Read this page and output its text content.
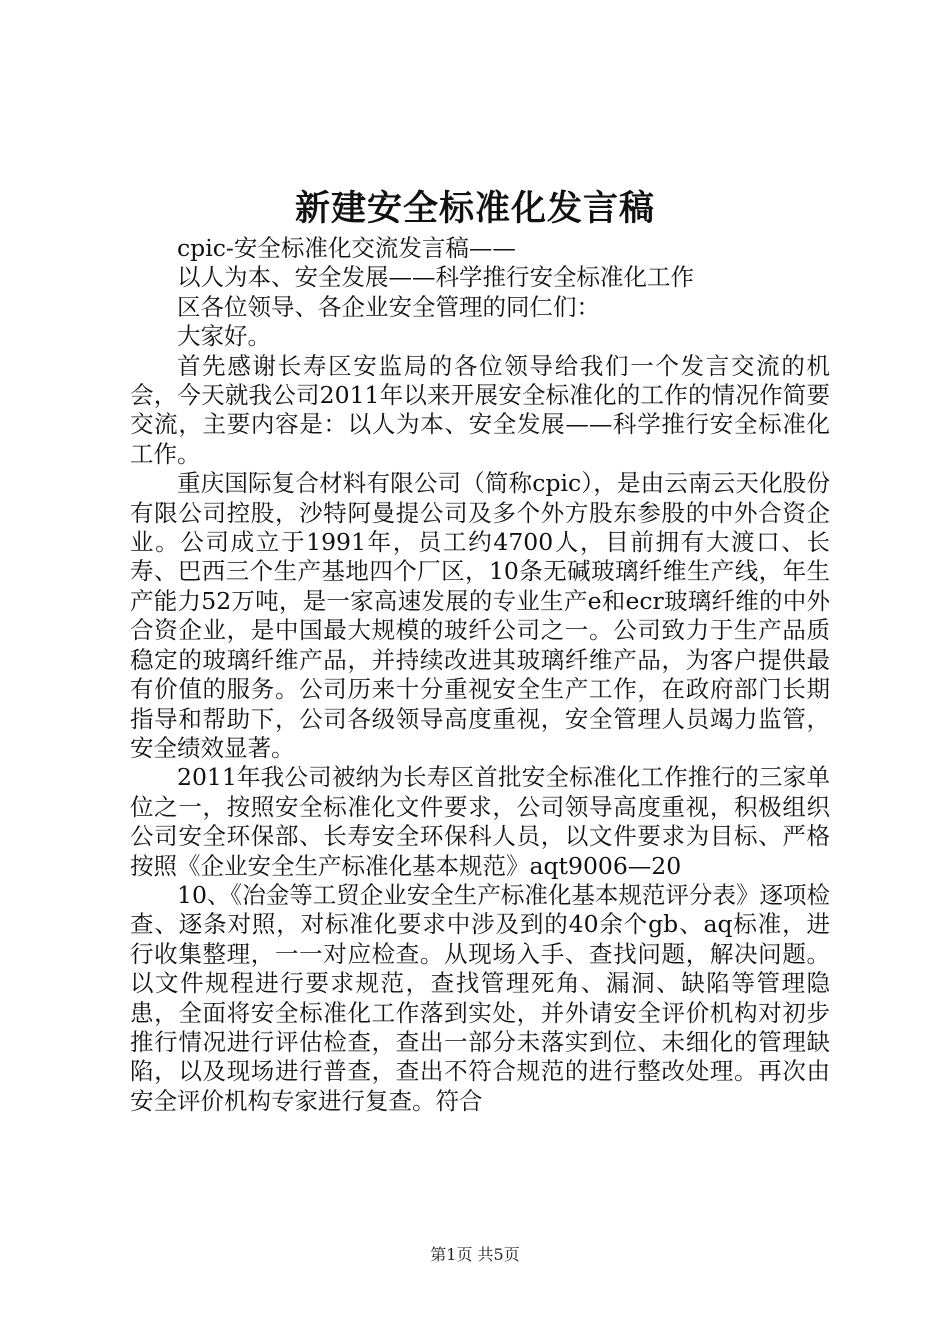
新建安全标准化发言稿

cpic-安全标准化交流发言稿——

以人为本、安全发展——科学推行安全标准化工作

区各位领导、各企业安全管理的同仁们：

大家好。

首先感谢长寿区安监局的各位领导给我们一个发言交流的机会，今天就我公司2011年以来开展安全标准化的工作的情况作简要交流，主要内容是：以人为本、安全发展——科学推行安全标准化工作。

重庆国际复合材料有限公司（简称cpic），是由云南云天化股份有限公司控股，沙特阿曼提公司及多个外方股东参股的中外合资企业。公司成立于1991年，员工约4700人，目前拥有大渡口、长寿、巴西三个生产基地四个厂区，10条无碱玻璃纤维生产线，年生产能力52万吨，是一家高速发展的专业生产e和ecr玻璃纤维的中外合资企业，是中国最大规模的玻纤公司之一。公司致力于生产品质稳定的玻璃纤维产品，并持续改进其玻璃纤维产品，为客户提供最有价值的服务。公司历来十分重视安全生产工作，在政府部门长期指导和帮助下，公司各级领导高度重视，安全管理人员竭力监管，安全绩效显著。

2011年我公司被纳为长寿区首批安全标准化工作推行的三家单位之一，按照安全标准化文件要求，公司领导高度重视，积极组织公司安全环保部、长寿安全环保科人员，以文件要求为目标、严格按照《企业安全生产标准化基本规范》aqt9006—20

10、《冶金等工贸企业安全生产标准化基本规范评分表》逐项检查、逐条对照，对标准化要求中涉及到的40余个gb、aq标准，进行收集整理，一一对应检查。从现场入手、查找问题，解决问题。以文件规程进行要求规范，查找管理死角、漏洞、缺陷等管理隐患，全面将安全标准化工作落到实处，并外请安全评价机构对初步推行情况进行评估检查，查出一部分未落实到位、未细化的管理缺陷，以及现场进行普查，查出不符合规范的进行整改处理。再次由安全评价机构专家进行复查。符合

第1页 共5页
